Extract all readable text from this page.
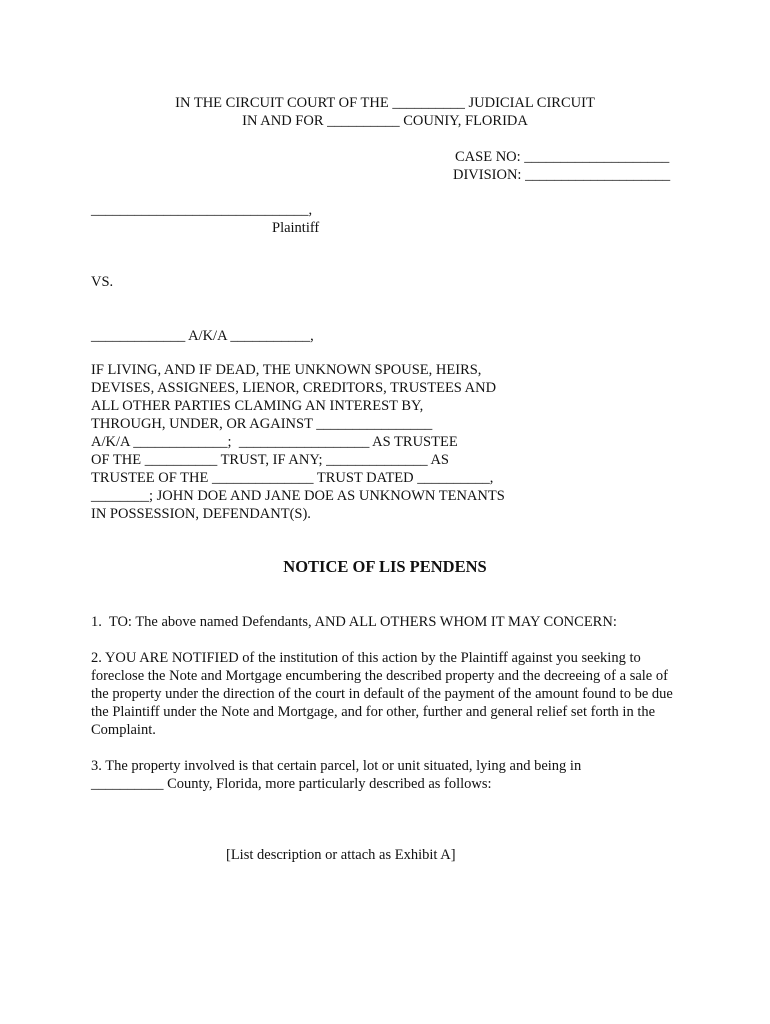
IN THE CIRCUIT COURT OF THE __________ JUDICIAL CIRCUIT
IN AND FOR __________ COUNIY, FLORIDA
CASE NO: ____________________
DIVISION: ____________________
______________________________,
Plaintiff
VS.
_____________ A/K/A ___________,
IF LIVING, AND IF DEAD, THE UNKNOWN SPOUSE, HEIRS,
DEVISES, ASSIGNEES, LIENOR, CREDITORS, TRUSTEES AND
ALL OTHER PARTIES CLAMING AN INTEREST BY,
THROUGH, UNDER, OR AGAINST ________________
A/K/A _____________;  __________________ AS TRUSTEE
OF THE __________ TRUST, IF ANY; ______________ AS
TRUSTEE OF THE ______________ TRUST DATED __________,
________; JOHN DOE AND JANE DOE AS UNKNOWN TENANTS
IN POSSESSION, DEFENDANT(S).
NOTICE OF LIS PENDENS
1.  TO: The above named Defendants, AND ALL OTHERS WHOM IT MAY CONCERN:
2. YOU ARE NOTIFIED of the institution of this action by the Plaintiff against you seeking to foreclose the Note and Mortgage encumbering the described property and the decreeing of a sale of the property under the direction of the court in default of the payment of the amount found to be due the Plaintiff under the Note and Mortgage, and for other, further and general relief set forth in the Complaint.
3. The property involved is that certain parcel, lot or unit situated, lying and being in __________ County, Florida, more particularly described as follows:
[List description or attach as Exhibit A]
